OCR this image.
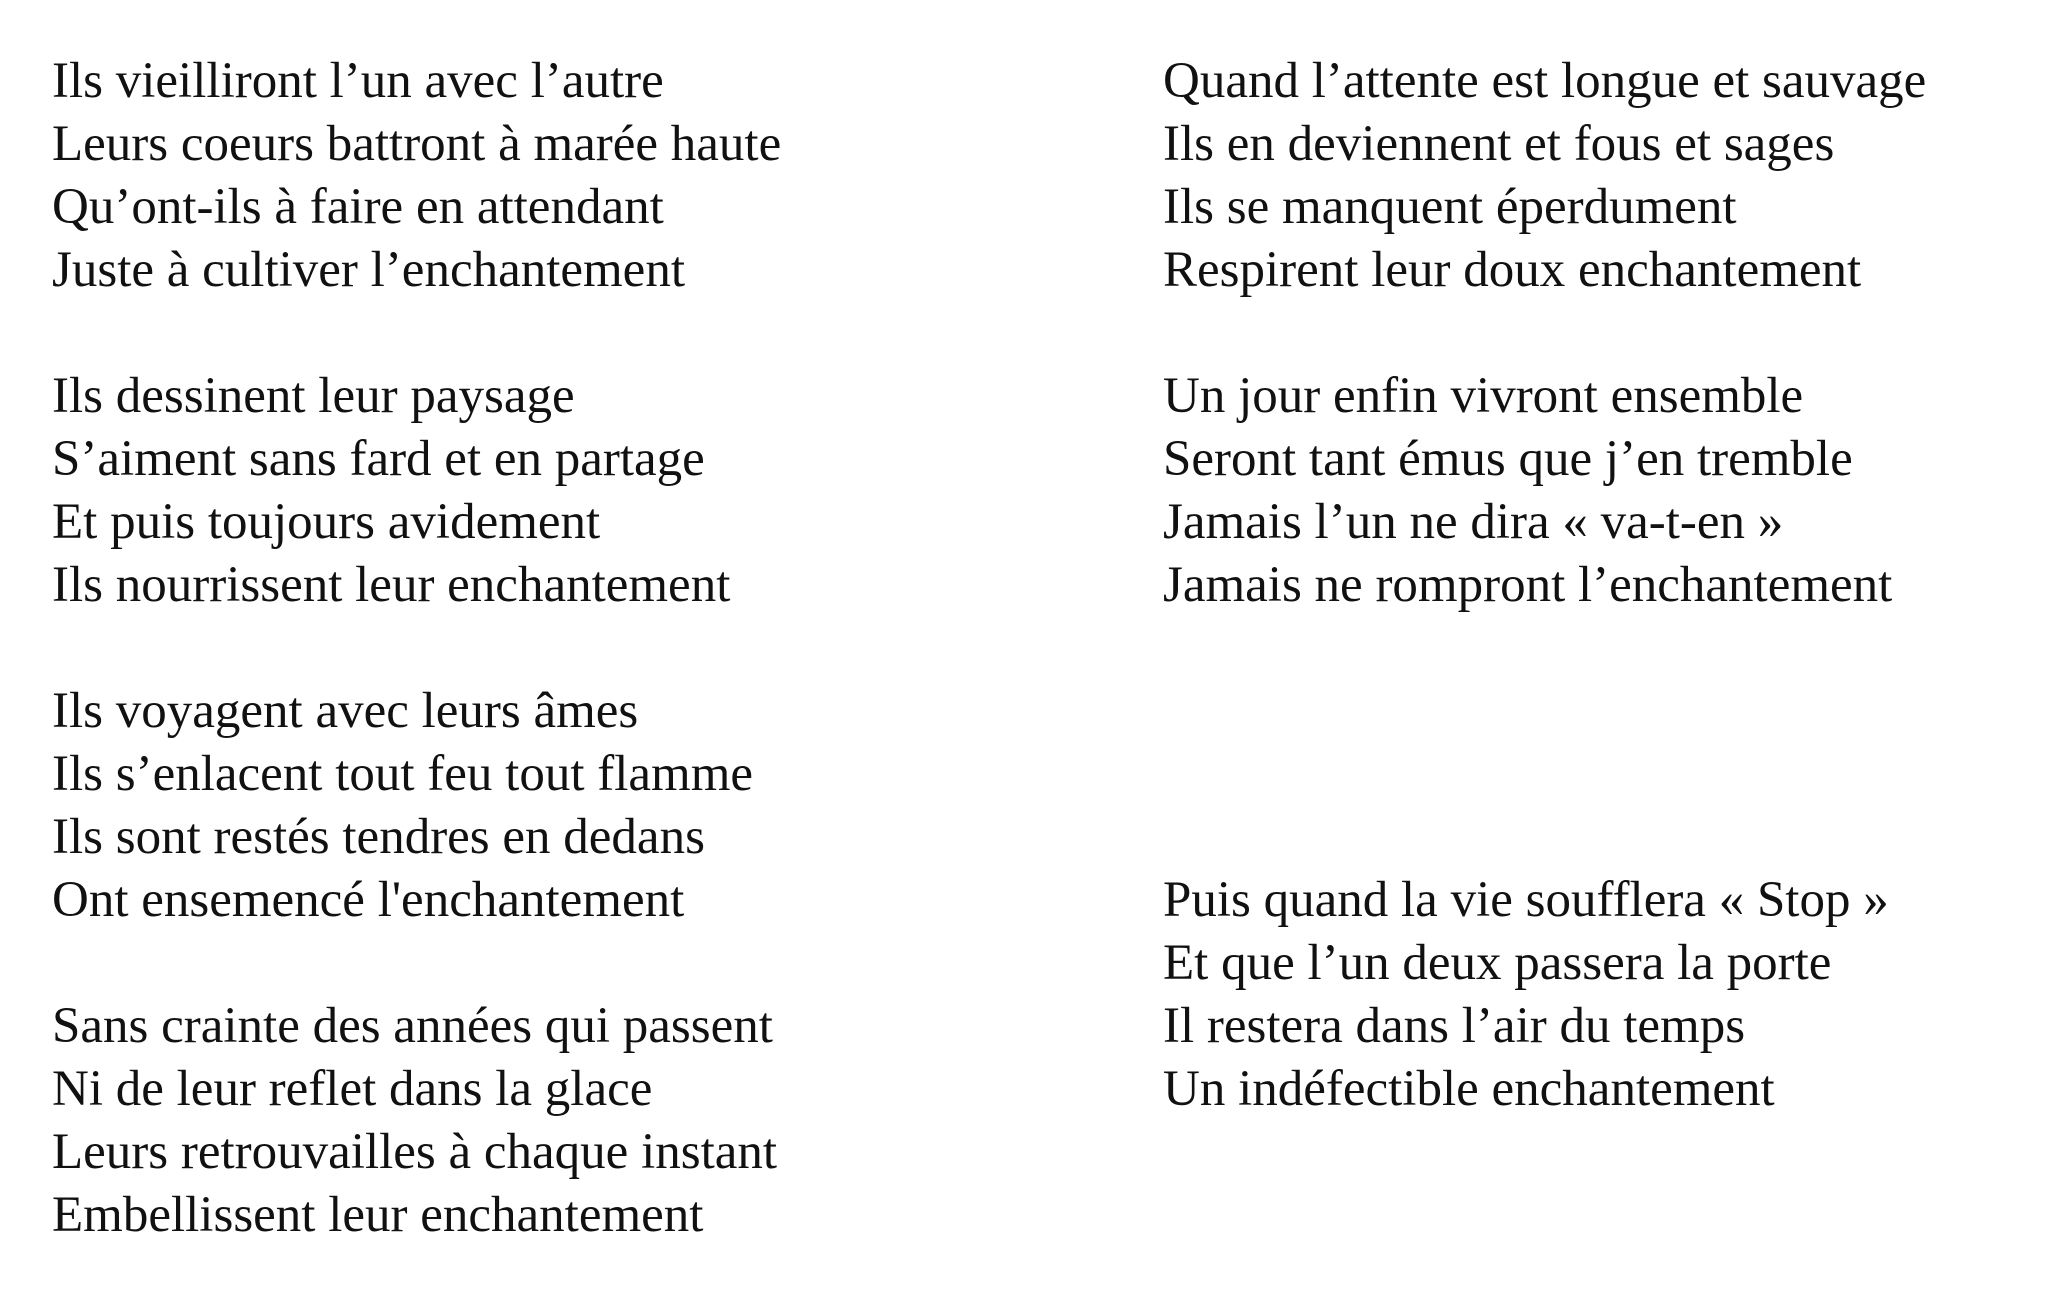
Ils vieilliront l’un avec l’autre
Leurs coeurs battront à marée haute
Qu’ont-ils à faire en attendant
Juste à cultiver l’enchantement
Ils dessinent leur paysage
S’aiment sans fard et en partage
Et puis toujours avidement
Ils nourrissent leur enchantement
Ils voyagent avec leurs âmes
Ils s’enlacent tout feu tout flamme
Ils sont restés tendres en dedans
Ont ensemencé l'enchantement
Sans crainte des années qui passent
Ni de leur reflet dans la glace
Leurs retrouvailles à chaque instant
Embellissent leur enchantement
Quand l’attente est longue et sauvage
Ils en deviennent et fous et sages
Ils se manquent éperdument
Respirent leur doux enchantement
Un jour enfin vivront ensemble
Seront tant émus que j’en tremble
Jamais l’un ne dira « va-t-en »
Jamais ne rompront l’enchantement
Puis quand la vie soufflera « Stop »
Et que l’un deux passera la porte
Il restera dans l’air du temps
Un indéfectible enchantement
